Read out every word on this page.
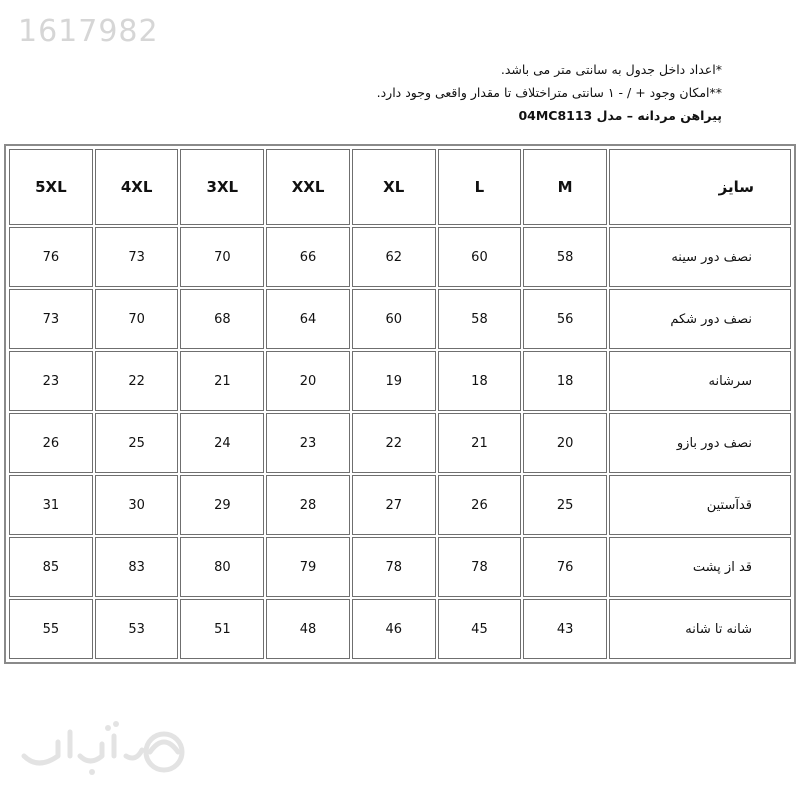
1617982
*اعداد داخل جدول به سانتی متر می باشد.
**امکان وجود + / - ۱ سانتی متراختلاف تا مقدار واقعی وجود دارد.
پیراهن مردانه – مدل 04MC8113
سایز	M	L	XL	XXL	3XL	4XL	5XL
نصف دور سینه	58	60	62	66	70	73	76
نصف دور شکم	56	58	60	64	68	70	73
سرشانه	18	18	19	20	21	22	23
نصف دور بازو	20	21	22	23	24	25	26
قدآستین	25	26	27	28	29	30	31
قد از پشت	76	78	78	79	80	83	85
شانه تا شانه	43	45	46	48	51	53	55
